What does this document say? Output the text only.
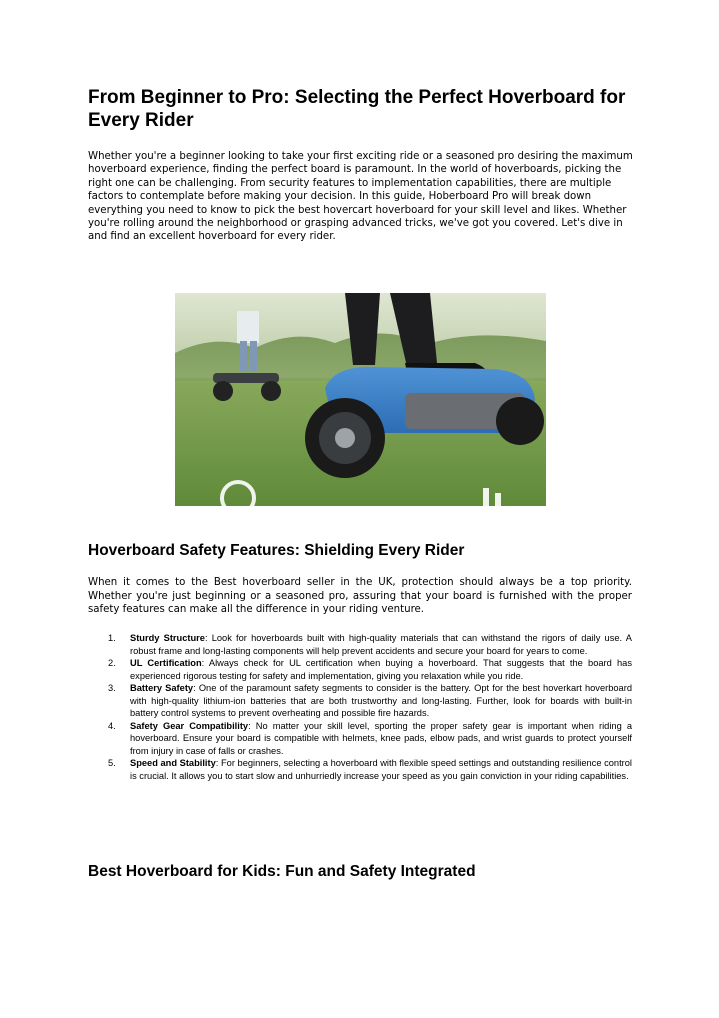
From Beginner to Pro: Selecting the Perfect Hoverboard for Every Rider

Whether you're a beginner looking to take your first exciting ride or a seasoned pro desiring the maximum hoverboard experience, finding the perfect board is paramount. In the world of hoverboards, picking the right one can be challenging. From security features to implementation capabilities, there are multiple factors to contemplate before making your decision. In this guide, Hoberboard Pro will break down everything you need to know to pick the best hovercart hoverboard for your skill level and likes. Whether you're rolling around the neighborhood or grasping advanced tricks, we've got you covered. Let's dive in and find an excellent hoverboard for every rider.

Hoverboard Safety Features: Shielding Every Rider

When it comes to the Best hoverboard seller in the UK, protection should always be a top priority. Whether you're just beginning or a seasoned pro, assuring that your board is furnished with the proper safety features can make all the difference in your riding venture.

1.	Sturdy Structure: Look for hoverboards built with high-quality materials that can withstand the rigors of daily use. A robust frame and long-lasting components will help prevent accidents and secure your board for years to come.
2.	UL Certification: Always check for UL certification when buying a hoverboard. That suggests that the board has experienced rigorous testing for safety and implementation, giving you relaxation while you ride.
3.	Battery Safety: One of the paramount safety segments to consider is the battery. Opt for the best hoverkart hoverboard with high-quality lithium-ion batteries that are both trustworthy and long-lasting. Further, look for boards with built-in battery control systems to prevent overheating and possible fire hazards.
4.	Safety Gear Compatibility: No matter your skill level, sporting the proper safety gear is important when riding a hoverboard. Ensure your board is compatible with helmets, knee pads, elbow pads, and wrist guards to protect yourself from injury in case of falls or crashes.
5.	Speed and Stability: For beginners, selecting a hoverboard with flexible speed settings and outstanding resilience control is crucial. It allows you to start slow and unhurriedly increase your speed as you gain conviction in your riding capabilities.
Best Hoverboard for Kids: Fun and Safety Integrated
